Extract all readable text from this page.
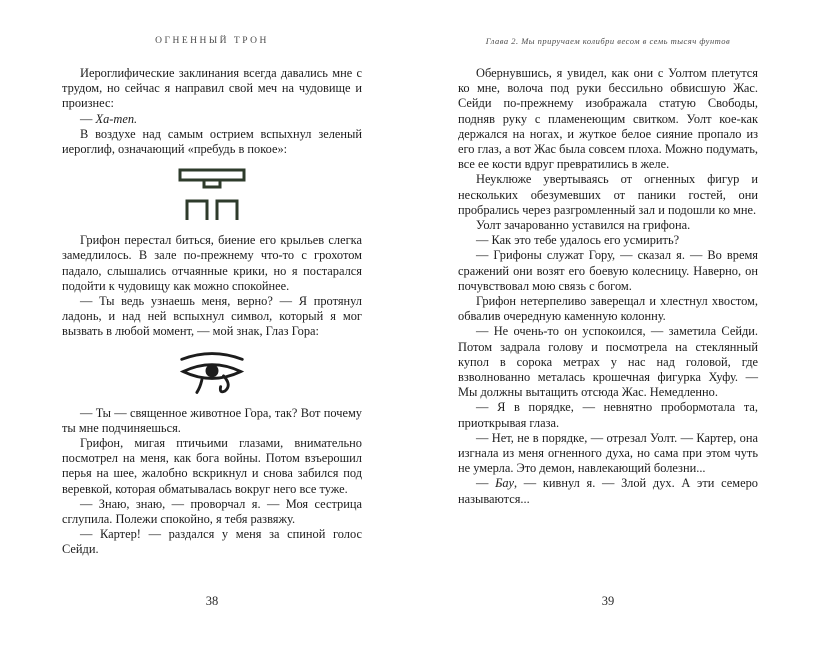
ОГНЕННЫЙ ТРОН

Иероглифические заклинания всегда давались мне с трудом, но сейчас я направил свой меч на чудовище и произнес:

— Ха-теп.

В воздухе над самым острием вспыхнул зеленый иероглиф, означающий «пребудь в покое»:

Грифон перестал биться, биение его крыльев слегка замедлилось. В зале по-прежнему что-то с грохотом падало, слышались отчаянные крики, но я постарался подойти к чудовищу как можно спокойнее.

— Ты ведь узнаешь меня, верно? — Я протянул ладонь, и над ней вспыхнул символ, который я мог вызвать в любой момент, — мой знак, Глаз Гора:

— Ты — священное животное Гора, так? Вот почему ты мне подчиняешься.

Грифон, мигая птичьими глазами, внимательно посмотрел на меня, как бога войны. Потом взъерошил перья на шее, жалобно вскрикнул и снова забился под веревкой, которая обматывалась вокруг него все туже.

— Знаю, знаю, — проворчал я. — Моя сестрица сглупила. Полежи спокойно, я тебя развяжу.

— Картер! — раздался у меня за спиной голос Сейди.

38
Глава 2. Мы приручаем колибри весом в семь тысяч фунтов

Обернувшись, я увидел, как они с Уолтом плетутся ко мне, волоча под руки бессильно обвисшую Жас. Сейди по-прежнему изображала статую Свободы, подняв руку с пламенеющим свитком. Уолт кое-как держался на ногах, и жуткое белое сияние пропало из его глаз, а вот Жас была совсем плоха. Можно подумать, все ее кости вдруг превратились в желе.

Неуклюже увертываясь от огненных фигур и нескольких обезумевших от паники гостей, они пробрались через разгромленный зал и подошли ко мне.

Уолт зачарованно уставился на грифона.

— Как это тебе удалось его усмирить?

— Грифоны служат Гору, — сказал я. — Во время сражений они возят его боевую колесницу. Наверно, он почувствовал мою связь с богом.

Грифон нетерпеливо заверещал и хлестнул хвостом, обвалив очередную каменную колонну.

— Не очень-то он успокоился, — заметила Сейди. Потом задрала голову и посмотрела на стеклянный купол в сорока метрах у нас над головой, где взволнованно металась крошечная фигурка Хуфу. — Мы должны вытащить отсюда Жас. Немедленно.

— Я в порядке, — невнятно пробормотала та, приоткрывая глаза.

— Нет, не в порядке, — отрезал Уолт. — Картер, она изгнала из меня огненного духа, но сама при этом чуть не умерла. Это демон, навлекающий болезни...

— Бау, — кивнул я. — Злой дух. А эти семеро называются...

39
